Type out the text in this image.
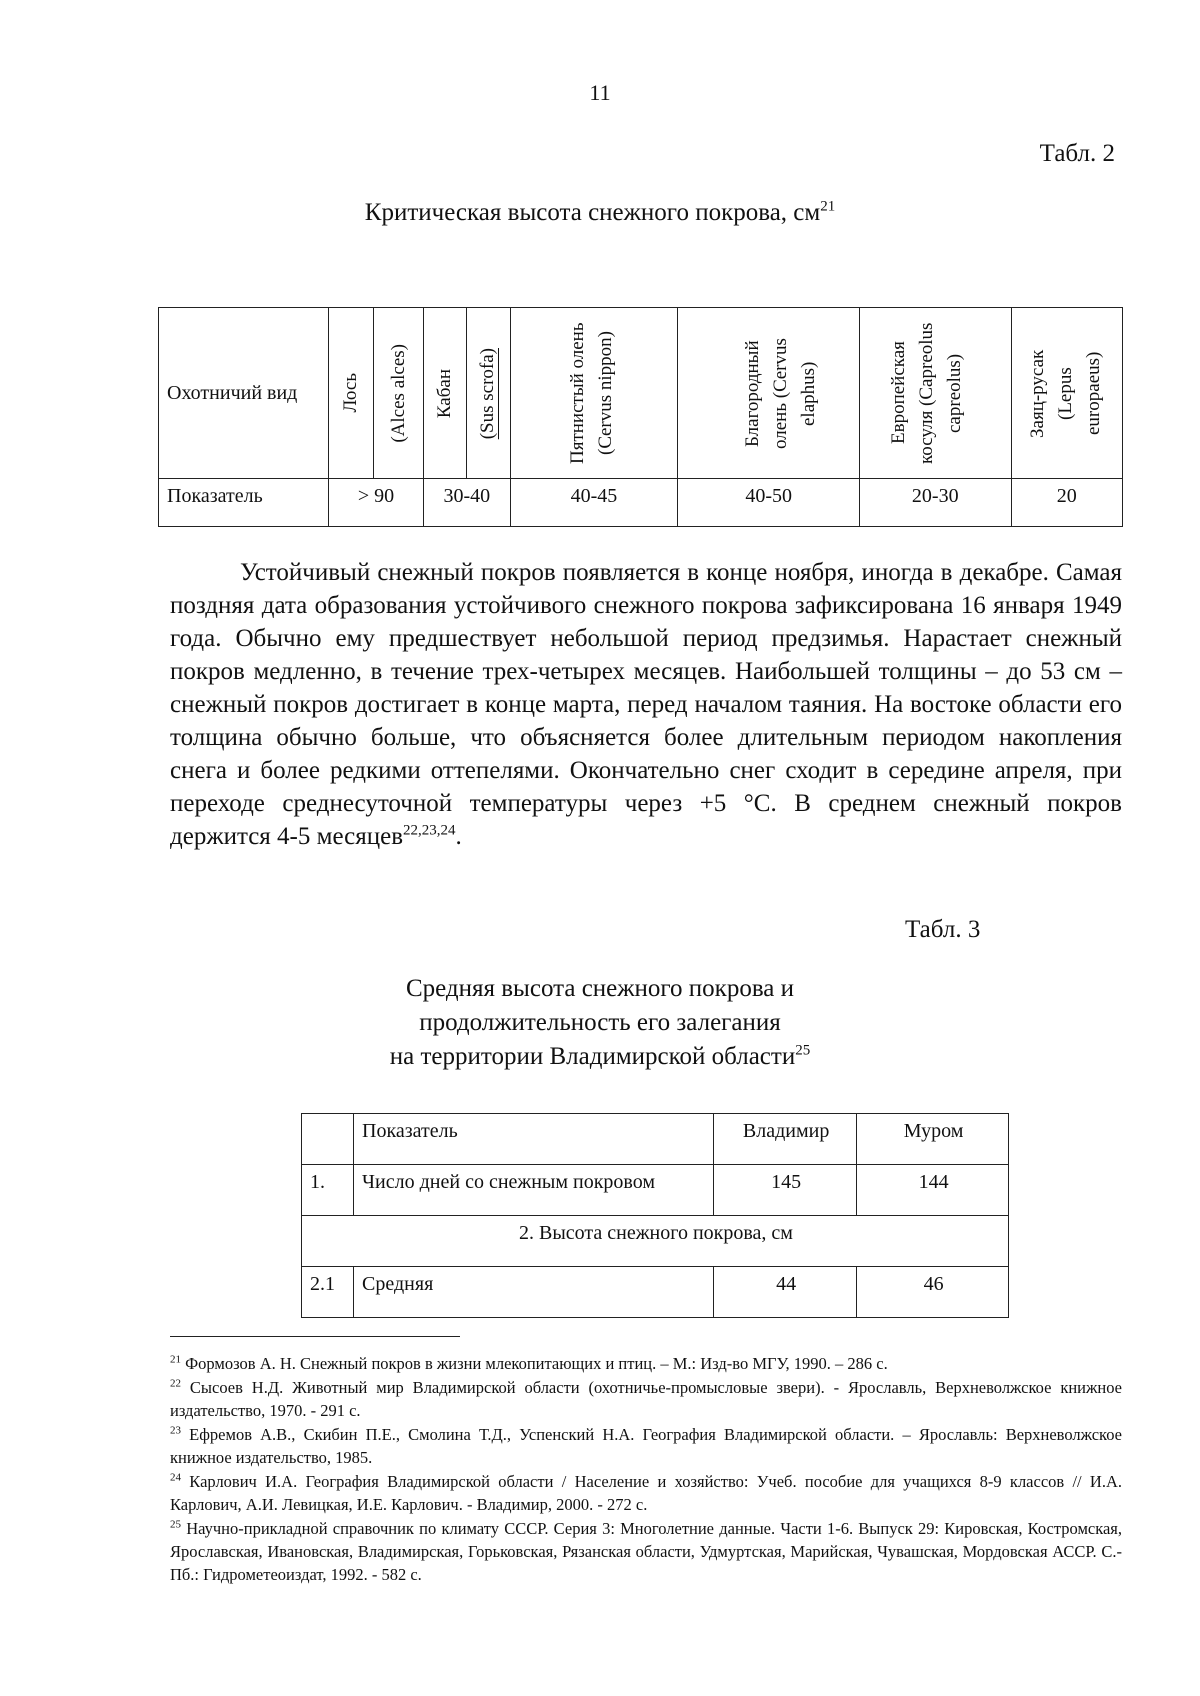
11
Табл. 2
Критическая высота снежного покрова, $см^{21}$
Охотничий вид	Лось	(Alces alces)	Кабан	(Sus scrofa)	Пятнистый олень (Cervus nippon)	Благородный олень (Cervus elaphus)	Европейская косуля (Capreolus capreolus)	Заяц-русак (Lepus europaeus)

Показатель	> 90		30-40		40-45	40-50	20-30	20

Устойчивый снежный покров появляется в конце ноября, иногда в декабре. Самая поздняя дата образования устойчивого снежного покрова зафиксирована 16 января 1949 года. Обычно ему предшествует небольшой период предзимья. Нарастает снежный покров медленно, в течение трех-четырех месяцев. Наибольшей толщины – до 53 см – снежный покров достигает в конце марта, перед началом таяния. На востоке области его толщина обычно больше, что объясняется более длительным периодом накопления снега и более редкими оттепелями. Окончательно снег сходит в середине апреля, при переходе среднесуточной температуры через +5 °С. В среднем снежный покров держится 4-5 месяцев$^{22,23,24}$.

Табл. 3
Средняя высота снежного покрова и
продолжительность его залегания
на территории Владимирской области$^{25}$
	Показатель	Владимир	Муром
1.	Число дней со снежным покровом	145	144
2. Высота снежного покрова, см			
2.1	Средняя	44	46

$^{21}$ Формозов А. Н. Снежный покров в жизни млекопитающих и птиц. – М.: Изд-во МГУ, 1990. – 286 с.

$^{22}$ Сысоев Н.Д. Животный мир Владимирской области (охотничье-промысловые звери). - Ярославль, Верхневолжское книжное издательство, 1970. - 291 с.

$^{23}$ Ефремов А.В., Скибин П.Е., Смолина Т.Д., Успенский Н.А. География Владимирской области. – Ярославль: Верхневолжское книжное издательство, 1985.

$^{24}$ Карлович И.А. География Владимирской области / Население и хозяйство: Учеб. пособие для учащихся 8-9 классов // И.А. Карлович, А.И. Левицкая, И.Е. Карлович. - Владимир, 2000. - 272 с.

$^{25}$ Научно-прикладной справочник по климату СССР. Серия 3: Многолетние данные. Части 1-6. Выпуск 29: Кировская, Костромская, Ярославская, Ивановская, Владимирская, Горьковская, Рязанская области, Удмуртская, Марийская, Чувашская, Мордовская АССР. С.-Пб.: Гидрометеоиздат, 1992. - 582 с.
